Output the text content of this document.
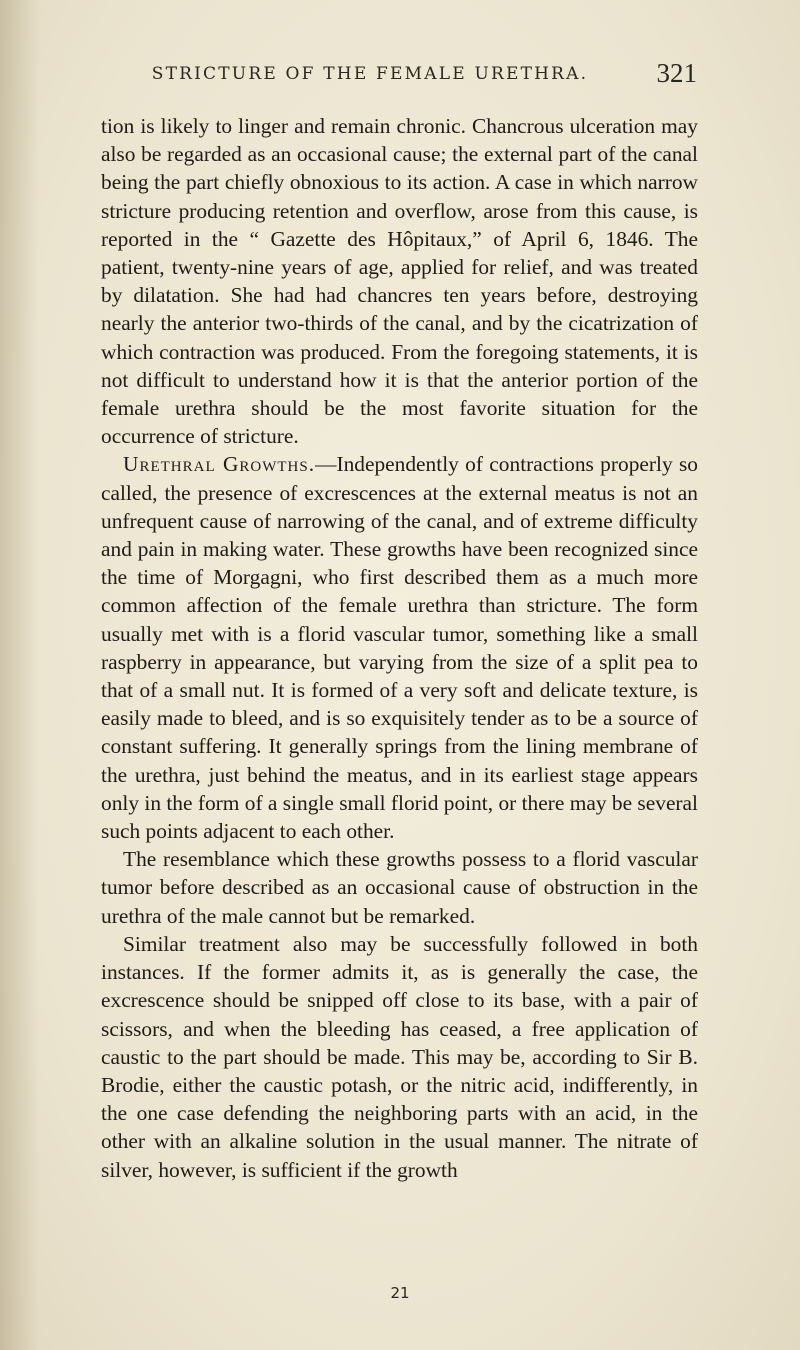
STRICTURE OF THE FEMALE URETHRA.	321

tion is likely to linger and remain chronic. Chancrous ulceration may also be regarded as an occasional cause; the external part of the canal being the part chiefly obnoxious to its action. A case in which narrow stricture producing retention and overflow, arose from this cause, is reported in the “ Gazette des Hôpitaux,” of April 6, 1846. The patient, twenty-nine years of age, applied for relief, and was treated by dilatation. She had had chancres ten years before, destroying nearly the anterior two-thirds of the canal, and by the cicatrization of which contraction was produced. From the foregoing statements, it is not difficult to understand how it is that the anterior portion of the female urethra should be the most favorite situation for the occurrence of stricture.

Urethral Growths.—Independently of contractions properly so called, the presence of excrescences at the external meatus is not an unfrequent cause of narrowing of the canal, and of extreme difficulty and pain in making water. These growths have been recognized since the time of Morgagni, who first described them as a much more common affection of the female urethra than stricture. The form usually met with is a florid vascular tumor, something like a small raspberry in appearance, but varying from the size of a split pea to that of a small nut. It is formed of a very soft and delicate texture, is easily made to bleed, and is so exquisitely tender as to be a source of constant suffering. It generally springs from the lining membrane of the urethra, just behind the meatus, and in its earliest stage appears only in the form of a single small florid point, or there may be several such points adjacent to each other.

The resemblance which these growths possess to a florid vascular tumor before described as an occasional cause of obstruction in the urethra of the male cannot but be remarked.

Similar treatment also may be successfully followed in both instances. If the former admits it, as is generally the case, the excrescence should be snipped off close to its base, with a pair of scissors, and when the bleeding has ceased, a free application of caustic to the part should be made. This may be, according to Sir B. Brodie, either the caustic potash, or the nitric acid, indifferently, in the one case defending the neighboring parts with an acid, in the other with an alkaline solution in the usual manner. The nitrate of silver, however, is sufficient if the growth

21
